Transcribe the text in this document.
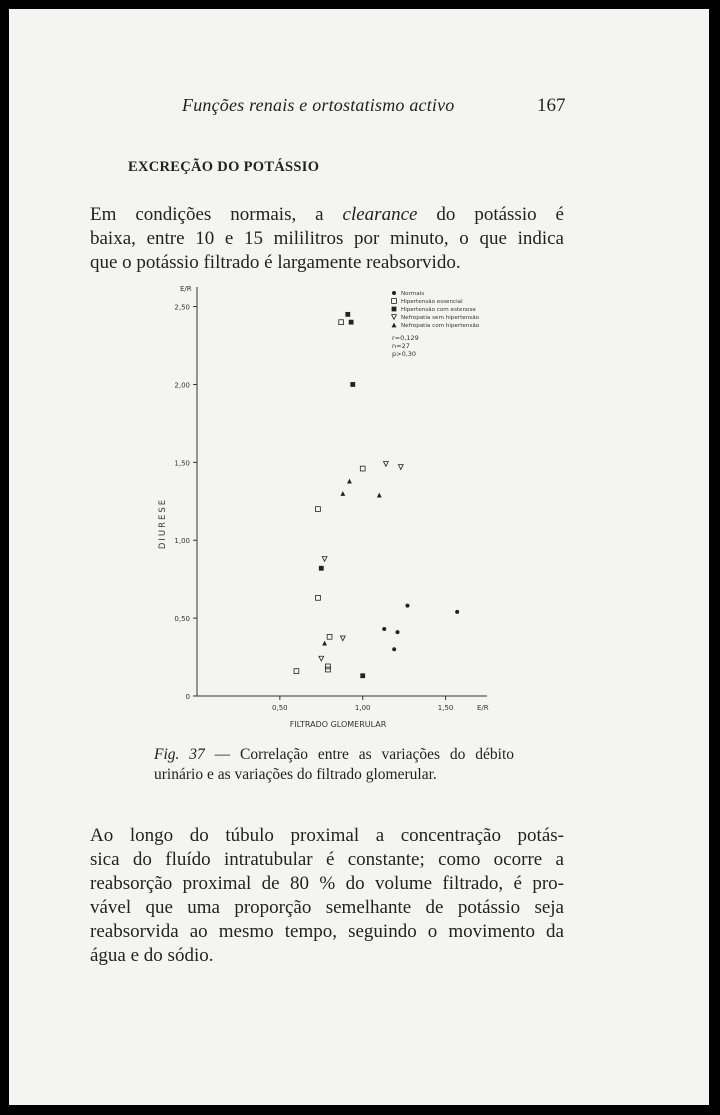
Funções renais e ortostatismo activo	167
EXCREÇÃO DO POTÁSSIO
Em condições normais, a clearance do potássio é
baixa, entre 10 e 15 mililitros por minuto, o que indica
que o potássio filtrado é largamente reabsorvido.
0
0,50
1,00
1,50
2,00
2,50
0,50	1,00	1,50
E/R
E/R
FILTRADO GLOMERULAR
DIURESE
Normais
Hipertensão essencial
Hipertensão com estenose
Nefropatia sem hipertensão
Nefropatia com hipertensão
r=0,129
n=27
p>0,30
Fig. 37 — Correlação entre as variações do débito urinário e as variações do filtrado glomerular.
Ao longo do túbulo proximal a concentração potás-
sica do fluído intratubular é constante; como ocorre a
reabsorção proximal de 80 % do volume filtrado, é pro-
vável que uma proporção semelhante de potássio seja
reabsorvida ao mesmo tempo, seguindo o movimento da
água e do sódio.
